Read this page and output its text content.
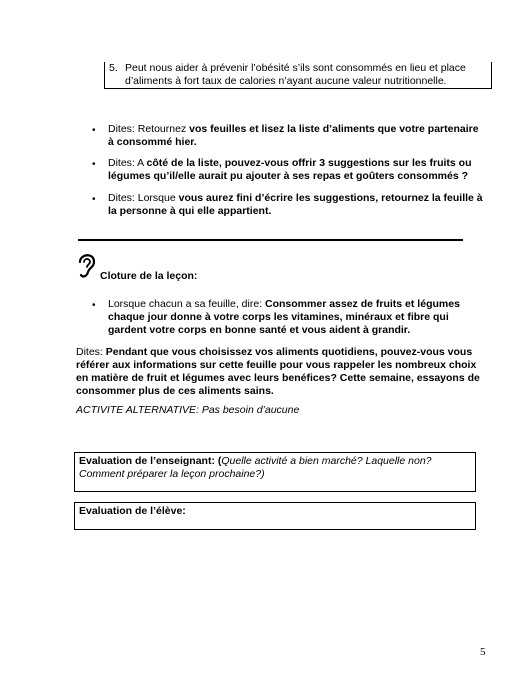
5. Peut nous aider à prévenir l’obésité s’ils sont consommés en lieu et place d’aliments à fort taux de calories n’ayant aucune valeur nutritionnelle.
• Dites: Retournez vos feuilles et lisez la liste d’aliments que votre partenaire à consommé hier.
• Dites: A côté de la liste, pouvez-vous offrir 3 suggestions sur les fruits ou légumes qu’il/elle aurait pu ajouter à ses repas et goûters consommés ?
• Dites: Lorsque vous aurez fini d’écrire les suggestions, retournez la feuille à la personne à qui elle appartient.
Cloture de la leçon:
• Lorsque chacun a sa feuille, dire: Consommer assez de fruits et légumes chaque jour donne à votre corps les vitamines, minéraux et fibre qui gardent votre corps en bonne santé et vous aident à grandir.
Dites: Pendant que vous choisissez vos aliments quotidiens, pouvez-vous vous référer aux informations sur cette feuille pour vous rappeler les nombreux choix en matière de fruit et légumes avec leurs benéfices? Cette semaine, essayons de consommer plus de ces aliments sains.
ACTIVITE ALTERNATIVE: Pas besoin d’aucune
Evaluation de l’enseignant: (Quelle activité a bien marché? Laquelle non? Comment préparer la leçon prochaine?)
Evaluation de l’élève:
5
